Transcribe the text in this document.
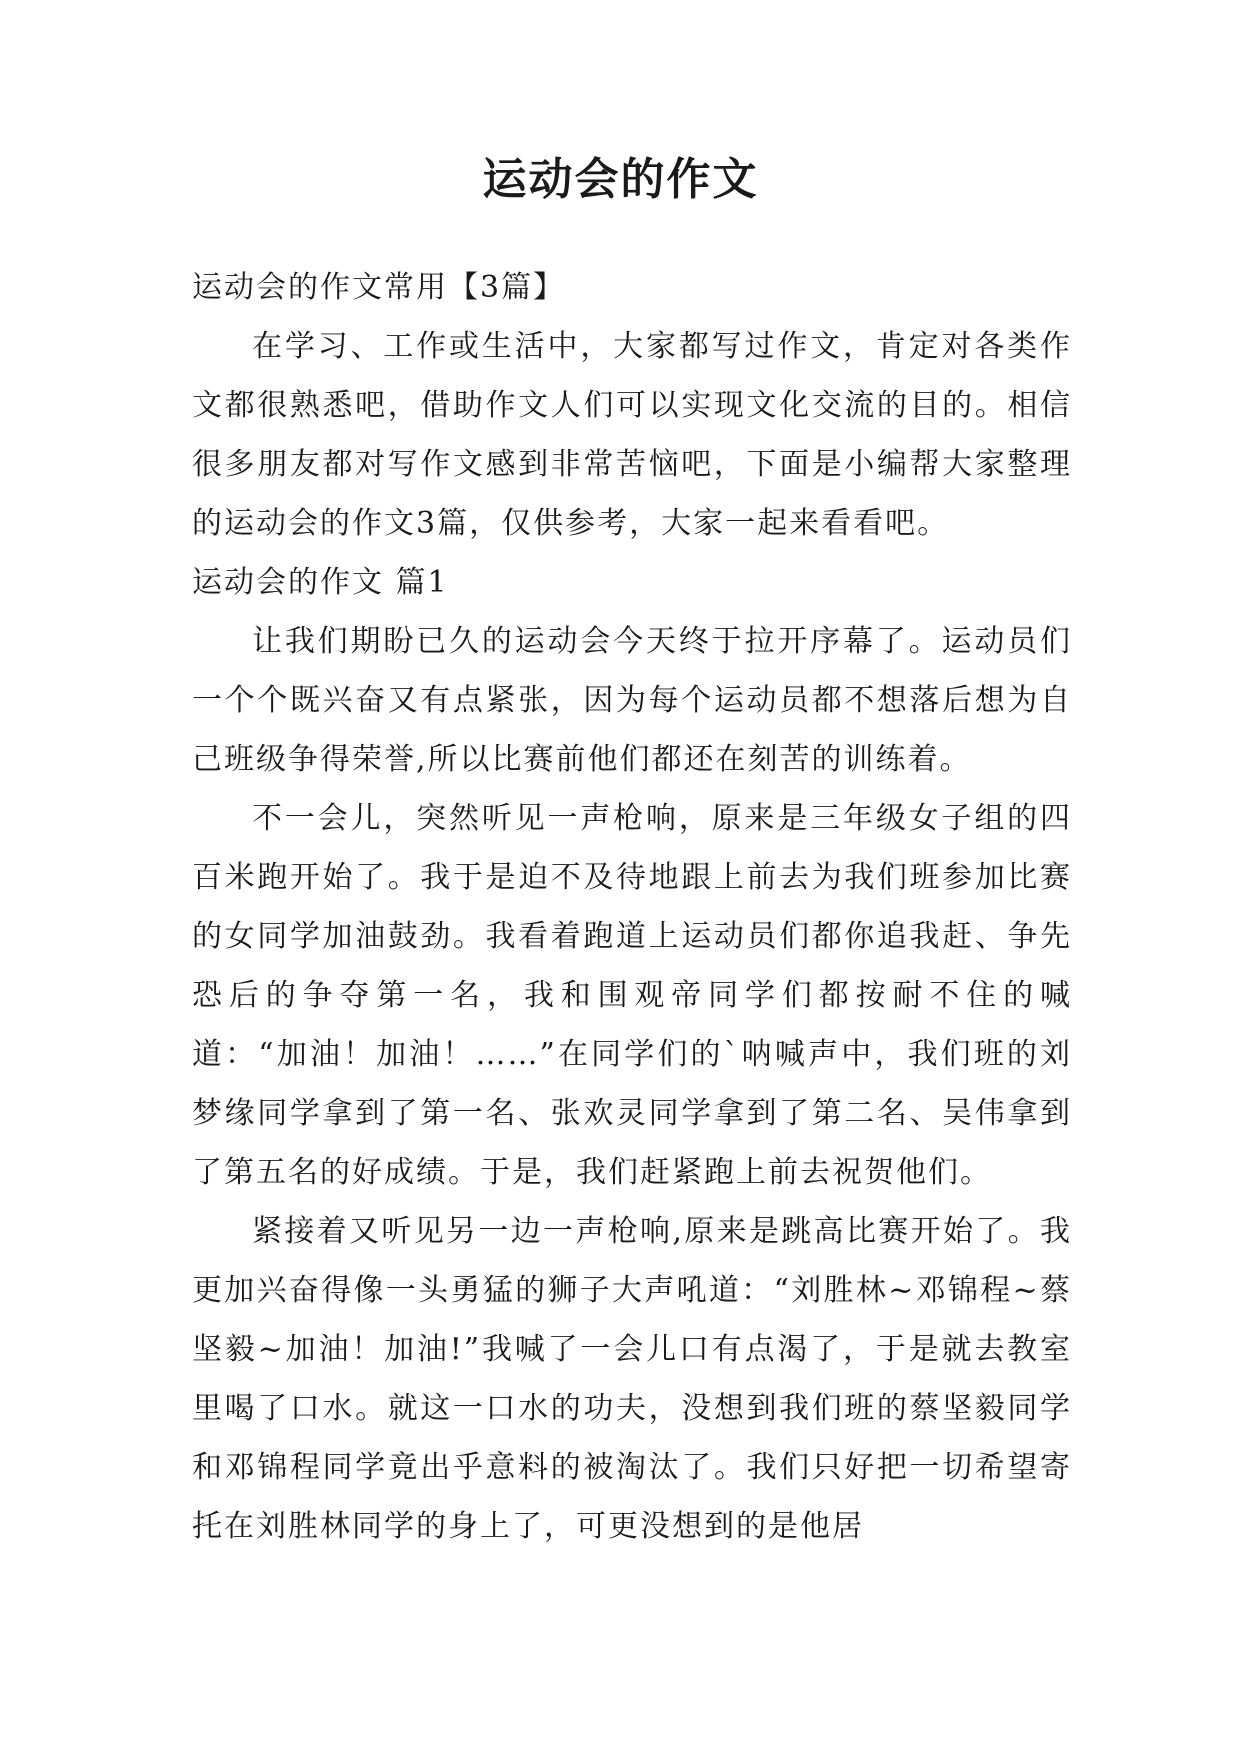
运动会的作文

运动会的作文常用【3篇】

在学习、工作或生活中，大家都写过作文，肯定对各类作文都很熟悉吧，借助作文人们可以实现文化交流的目的。相信很多朋友都对写作文感到非常苦恼吧，下面是小编帮大家整理的运动会的作文3篇，仅供参考，大家一起来看看吧。

运动会的作文 篇1

让我们期盼已久的运动会今天终于拉开序幕了。运动员们一个个既兴奋又有点紧张，因为每个运动员都不想落后想为自己班级争得荣誉,所以比赛前他们都还在刻苦的训练着。

不一会儿，突然听见一声枪响，原来是三年级女子组的四百米跑开始了。我于是迫不及待地跟上前去为我们班参加比赛的女同学加油鼓劲。我看着跑道上运动员们都你追我赶、争先恐后的争夺第一名，我和围观帝同学们都按耐不住的喊道：“加油！加油！……”在同学们的`呐喊声中，我们班的刘梦缘同学拿到了第一名、张欢灵同学拿到了第二名、吴伟拿到了第五名的好成绩。于是，我们赶紧跑上前去祝贺他们。

紧接着又听见另一边一声枪响,原来是跳高比赛开始了。我更加兴奋得像一头勇猛的狮子大声吼道：“刘胜林~邓锦程~蔡坚毅~加油！加油!”我喊了一会儿口有点渴了，于是就去教室里喝了口水。就这一口水的功夫，没想到我们班的蔡坚毅同学和邓锦程同学竟出乎意料的被淘汰了。我们只好把一切希望寄托在刘胜林同学的身上了，可更没想到的是他居
